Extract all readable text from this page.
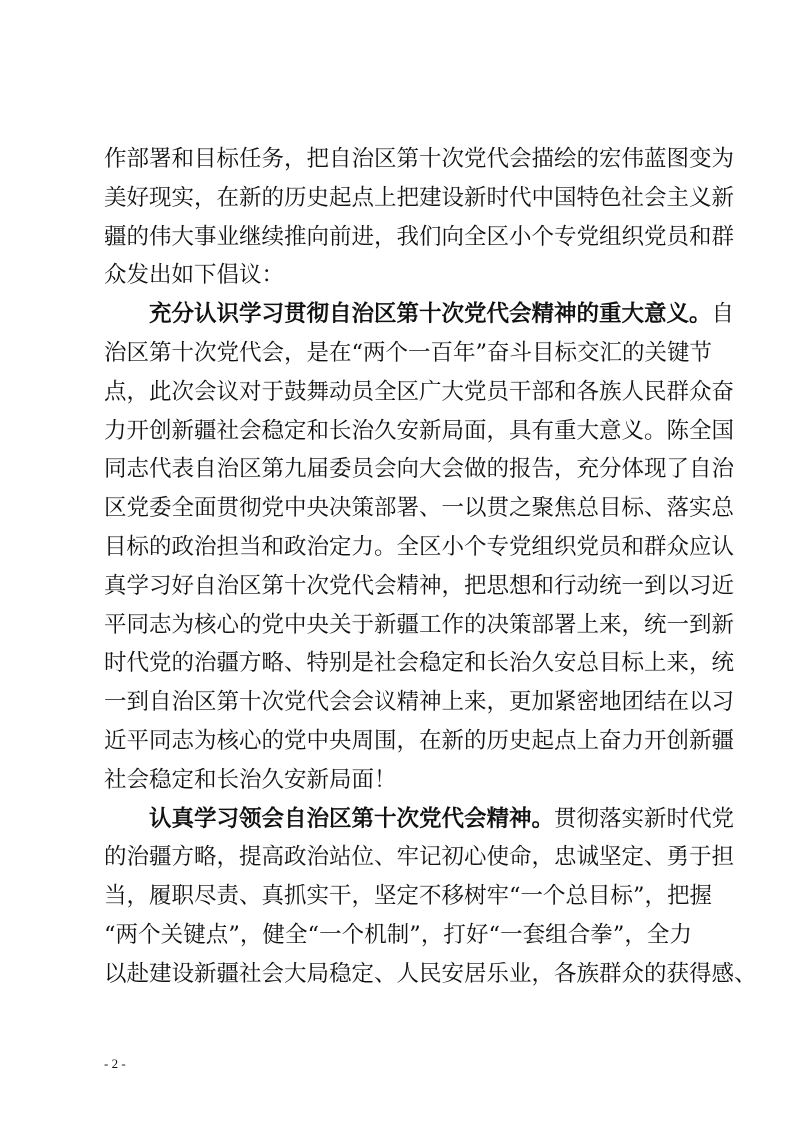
作部署和目标任务，把自治区第十次党代会描绘的宏伟蓝图变为
美好现实，在新的历史起点上把建设新时代中国特色社会主义新
疆的伟大事业继续推向前进，我们向全区小个专党组织党员和群
众发出如下倡议：
充分认识学习贯彻自治区第十次党代会精神的重大意义。自
治区第十次党代会，是在“两个一百年”奋斗目标交汇的关键节
点，此次会议对于鼓舞动员全区广大党员干部和各族人民群众奋
力开创新疆社会稳定和长治久安新局面，具有重大意义。陈全国
同志代表自治区第九届委员会向大会做的报告，充分体现了自治
区党委全面贯彻党中央决策部署、一以贯之聚焦总目标、落实总
目标的政治担当和政治定力。全区小个专党组织党员和群众应认
真学习好自治区第十次党代会精神，把思想和行动统一到以习近
平同志为核心的党中央关于新疆工作的决策部署上来，统一到新
时代党的治疆方略、特别是社会稳定和长治久安总目标上来，统
一到自治区第十次党代会会议精神上来，更加紧密地团结在以习
近平同志为核心的党中央周围，在新的历史起点上奋力开创新疆
社会稳定和长治久安新局面！
认真学习领会自治区第十次党代会精神。贯彻落实新时代党
的治疆方略，提高政治站位、牢记初心使命，忠诚坚定、勇于担
当，履职尽责、真抓实干，坚定不移树牢“一个总目标”，把握
“两个关键点”，健全“一个机制”，打好“一套组合拳”，全力
以赴建设新疆社会大局稳定、人民安居乐业，各族群众的获得感、
- 2 -
